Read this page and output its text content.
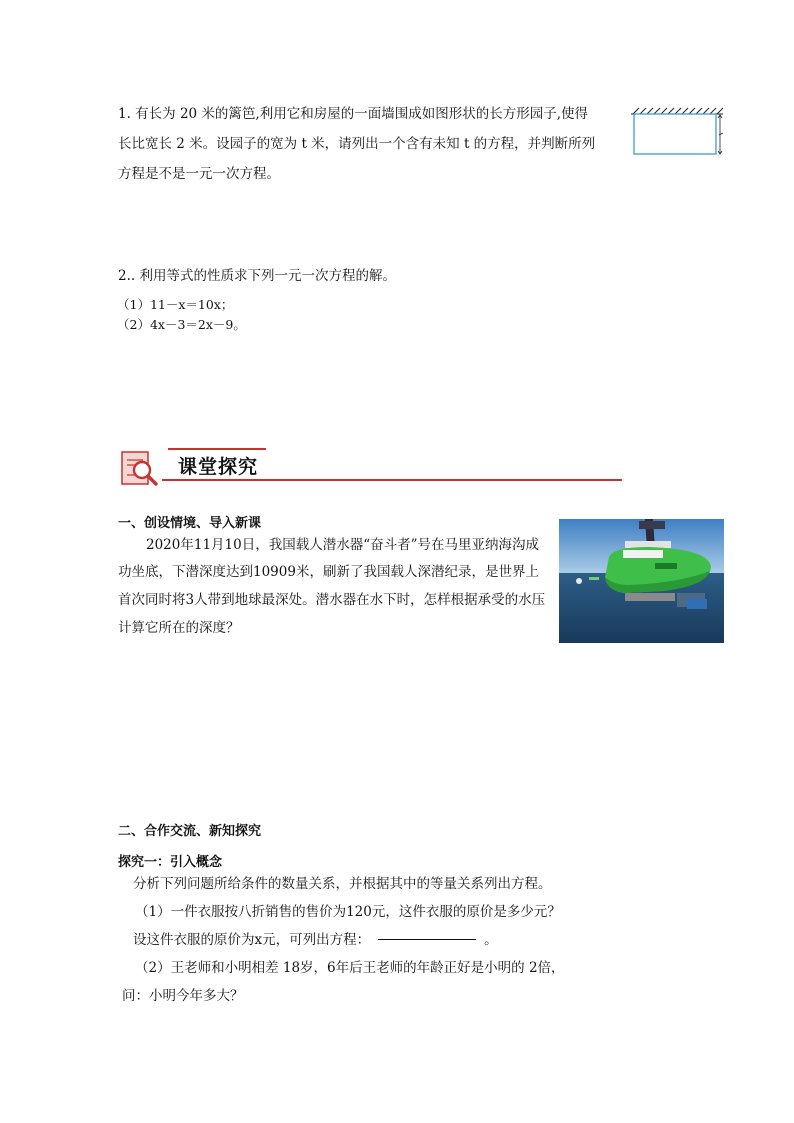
1. 有长为 20 米的篱笆,利用它和房屋的一面墙围成如图形状的长方形园子,使得
长比宽长 2 米。设园子的宽为 t 米，请列出一个含有未知 t 的方程，并判断所列
方程是不是一元一次方程。
2.. 利用等式的性质求下列一元一次方程的解。
（1）11－x＝10x；
（2）4x－3＝2x－9。
课堂探究
一、创设情境、导入新课
2020年11月10日，我国载人潜水器“奋斗者”号在马里亚纳海沟成
功坐底，下潜深度达到10909米，刷新了我国载人深潜纪录，是世界上
首次同时将3人带到地球最深处。潜水器在水下时，怎样根据承受的水压
计算它所在的深度？
二、合作交流、新知探究
探究一：引入概念
分析下列问题所给条件的数量关系，并根据其中的等量关系列出方程。
（1）一件衣服按八折销售的售价为120元，这件衣服的原价是多少元？
设这件衣服的原价为x元，可列出方程：	。
（2）王老师和小明相差 18岁，6年后王老师的年龄正好是小明的 2倍，
问：小明今年多大？
